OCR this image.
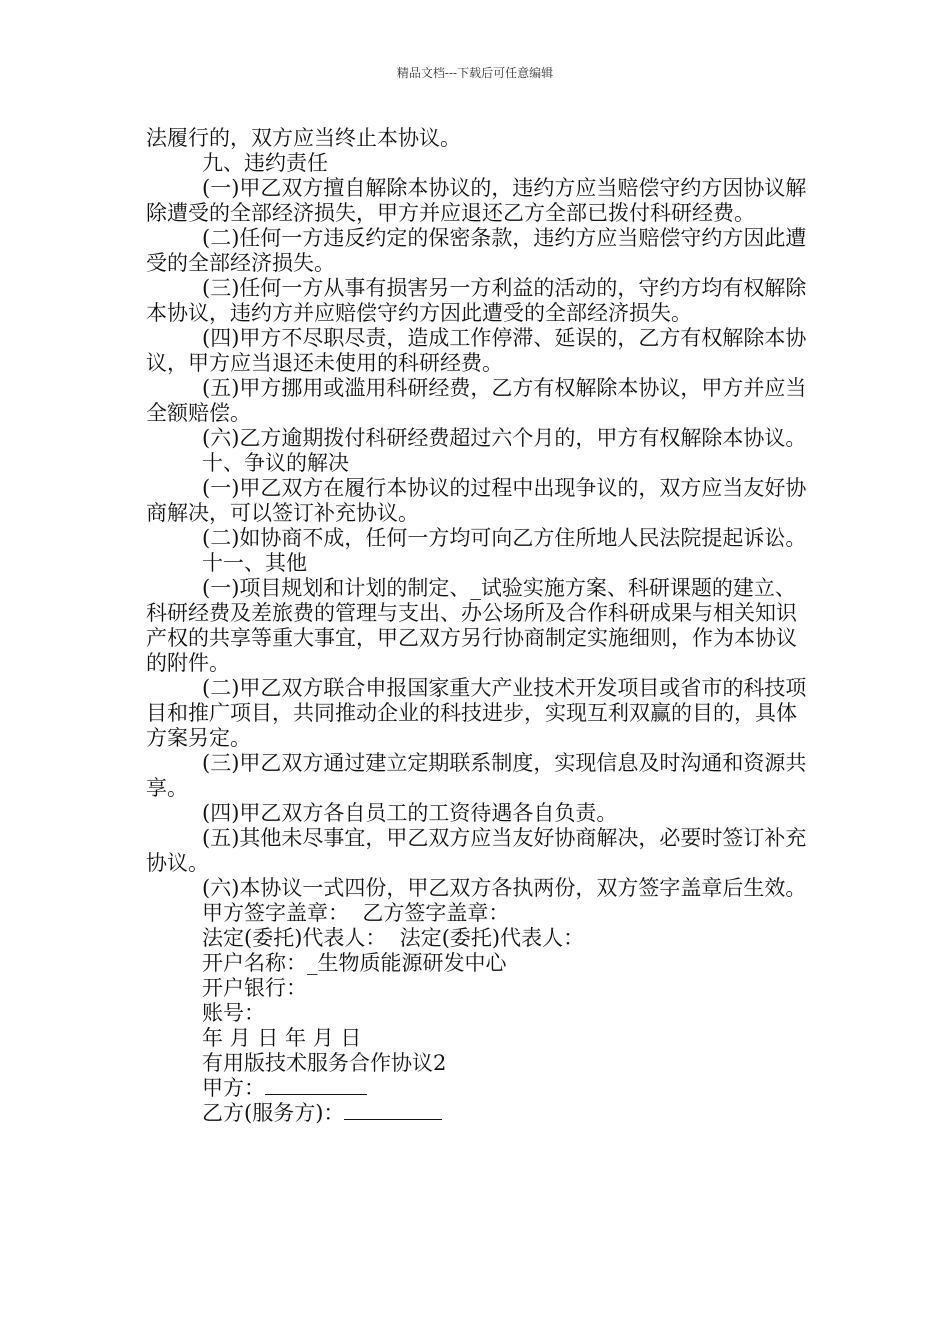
精品文档---下载后可任意编辑

法履行的，双方应当终止本协议。

九、违约责任

(一)甲乙双方擅自解除本协议的，违约方应当赔偿守约方因协议解除遭受的全部经济损失，甲方并应退还乙方全部已拨付科研经费。

(二)任何一方违反约定的保密条款，违约方应当赔偿守约方因此遭受的全部经济损失。

(三)任何一方从事有损害另一方利益的活动的，守约方均有权解除本协议，违约方并应赔偿守约方因此遭受的全部经济损失。

(四)甲方不尽职尽责，造成工作停滞、延误的，乙方有权解除本协议，甲方应当退还未使用的科研经费。

(五)甲方挪用或滥用科研经费，乙方有权解除本协议，甲方并应当全额赔偿。

(六)乙方逾期拨付科研经费超过六个月的，甲方有权解除本协议。

十、争议的解决

(一)甲乙双方在履行本协议的过程中出现争议的，双方应当友好协商解决，可以签订补充协议。

(二)如协商不成，任何一方均可向乙方住所地人民法院提起诉讼。

十一、其他

(一)项目规划和计划的制定、_试验实施方案、科研课题的建立、科研经费及差旅费的管理与支出、办公场所及合作科研成果与相关知识产权的共享等重大事宜，甲乙双方另行协商制定实施细则，作为本协议的附件。

(二)甲乙双方联合申报国家重大产业技术开发项目或省市的科技项目和推广项目，共同推动企业的科技进步，实现互利双赢的目的，具体方案另定。

(三)甲乙双方通过建立定期联系制度，实现信息及时沟通和资源共享。

(四)甲乙双方各自员工的工资待遇各自负责。

(五)其他未尽事宜，甲乙双方应当友好协商解决，必要时签订补充协议。

(六)本协议一式四份，甲乙双方各执两份，双方签字盖章后生效。

甲方签字盖章：  乙方签字盖章：

法定(委托)代表人：  法定(委托)代表人：

开户名称：_生物质能源研发中心

开户银行：

账号：

年 月 日 年 月 日

有用版技术服务合作协议2

甲方：

乙方(服务方)：
